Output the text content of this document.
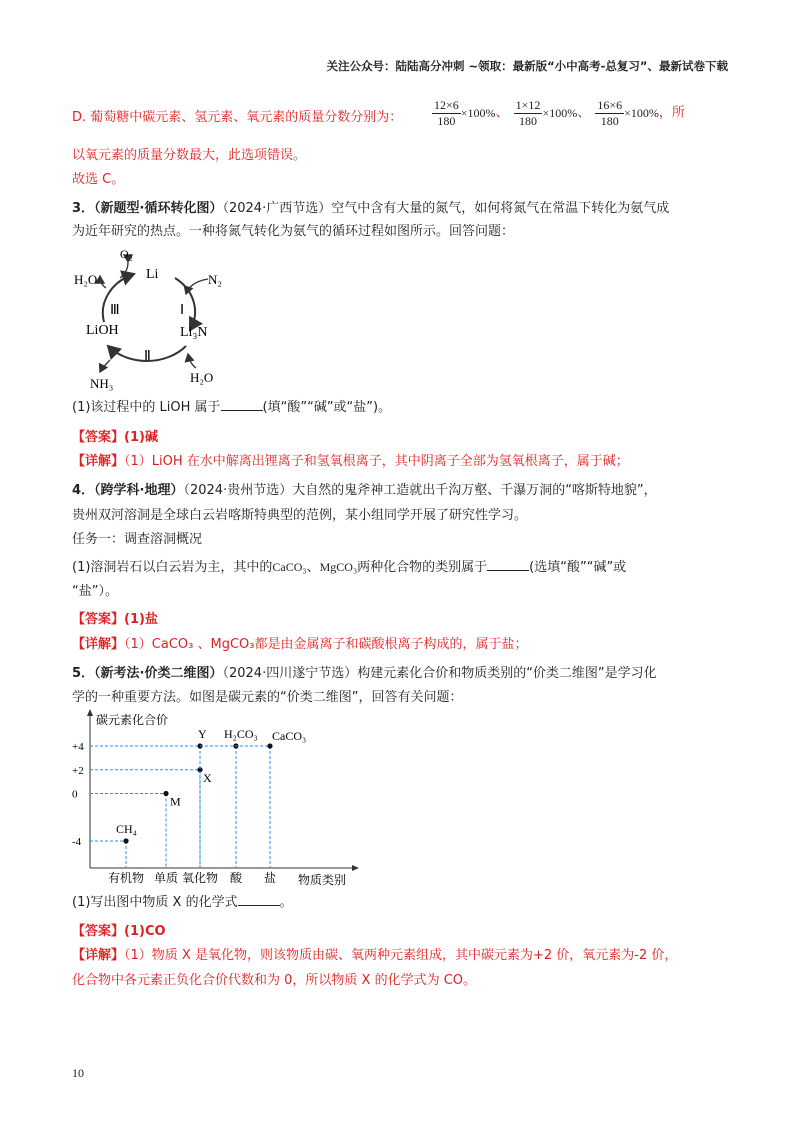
关注公众号：陆陆高分冲刺 ~领取：最新版“小中高考-总复习”、最新试卷下载
D. 葡萄糖中碳元素、氢元素、氧元素的质量分数分别为： $\frac{12\times 6}{180} \times 100\%$、 $\frac{1\times 12}{180} \times 100\%$、 $\frac{16\times 6}{180} \times 100\%$，所
以氧元素的质量分数最大，此选项错误。
故选 C。
3．（新题型·循环转化图）（2024·广西节选）空气中含有大量的氮气，如何将氮气在常温下转化为氨气成
为近年研究的热点。一种将氮气转化为氨气的循环过程如图所示。回答问题：
O₂
Li	N₂
H₂O
Ⅲ	Ⅰ
Ⅱ
LiOH	Li₃N
NH₃	H₂O
(1)该过程中的 LiOH 属于	(填“酸”“碱”或“盐”)。
【答案】(1)碱
【详解】（1）LiOH 在水中解离出锂离子和氢氧根离子，其中阴离子全部为氢氧根离子，属于碱；
4．（跨学科·地理）（2024·贵州节选）大自然的鬼斧神工造就出千沟万壑、千瀑万洞的“喀斯特地貌”，
贵州双河溶洞是全球白云岩喀斯特典型的范例，某小组同学开展了研究性学习。
任务一：调查溶洞概况
(1)溶洞岩石以白云岩为主，其中的CaCO₃、MgCO₃两种化合物的类别属于	(选填“酸”“碱”或
“盐”）。
【答案】(1)盐
【详解】（1）CaCO₃ 、MgCO₃都是由金属离子和碳酸根离子构成的，属于盐；
5．（新考法·价类二维图）（2024·四川遂宁节选）构建元素化合价和物质类别的“价类二维图”是学习化
学的一种重要方法。如图是碳元素的“价类二维图”，回答有关问题：
碳元素化合价
物质类别
+4
+2
0
-4
有机物 单质 氧化物 酸 盐
CH₄
M
X
Y H₂CO₃ CaCO₃
(1)写出图中物质 X 的化学式	。
【答案】(1)CO
【详解】（1）物质 X 是氧化物，则该物质由碳、氧两种元素组成，其中碳元素为+2 价，氧元素为-2 价，
化合物中各元素正负化合价代数和为 0，所以物质 X 的化学式为 CO。
10
